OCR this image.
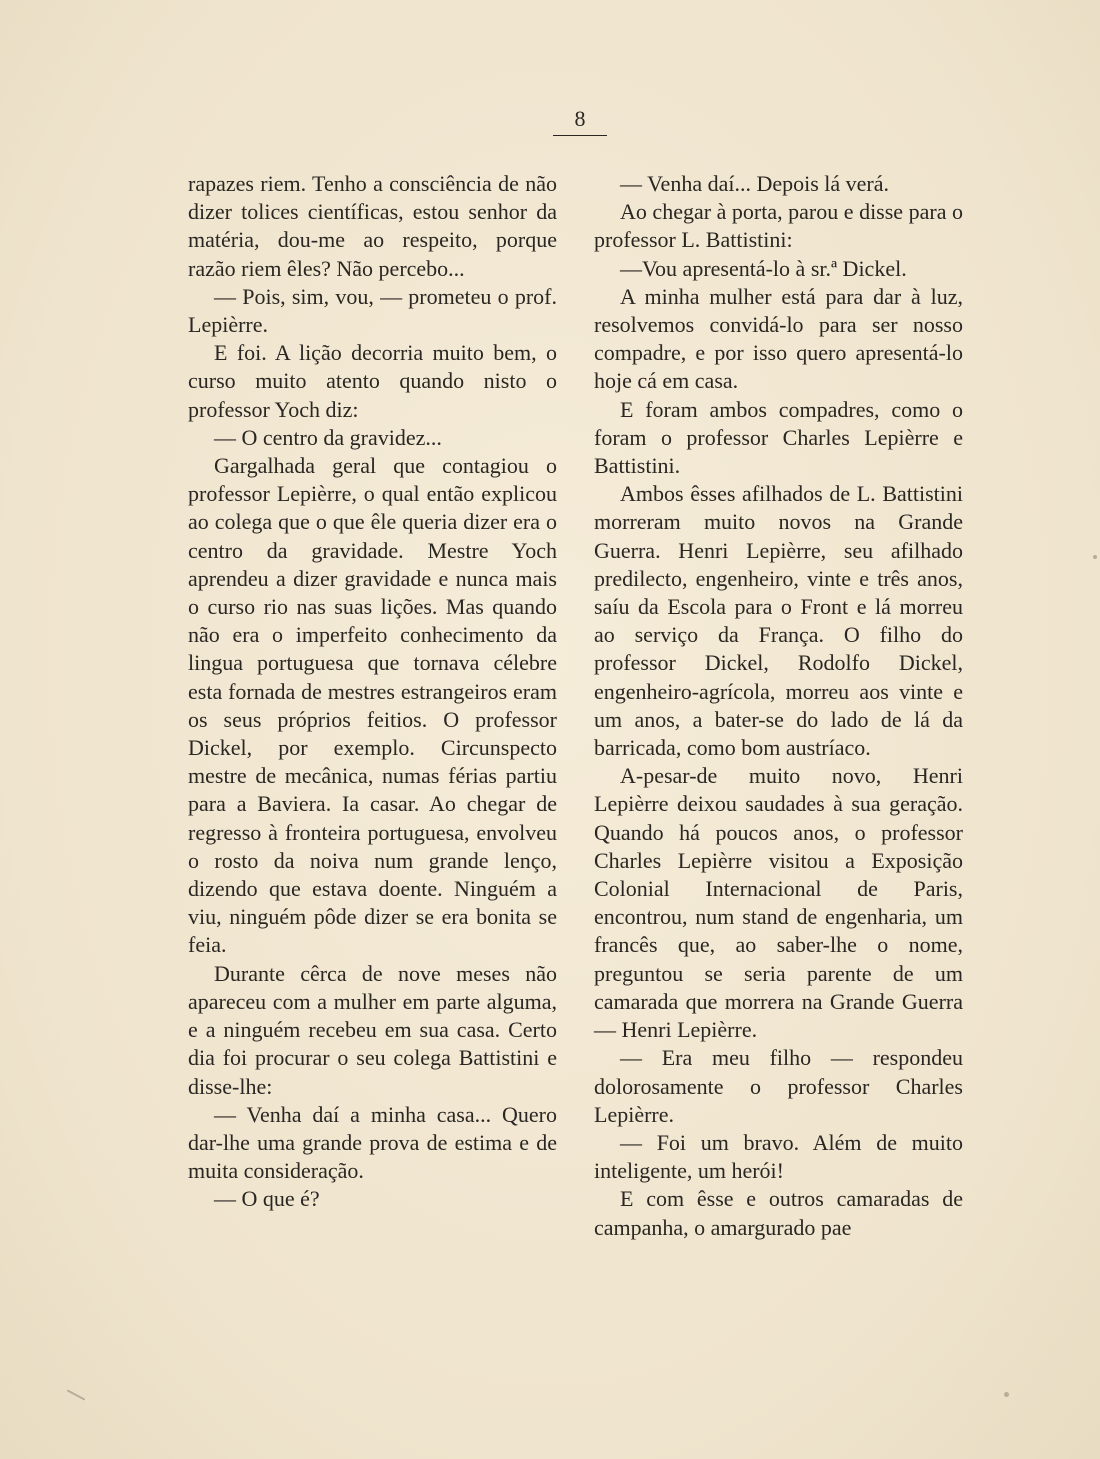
8

rapazes riem. Tenho a consciência de não dizer tolices científicas, estou senhor da matéria, dou-me ao respeito, porque razão riem êles? Não percebo...

— Pois, sim, vou, — prometeu o prof. Lepièrre.

E foi. A lição decorria muito bem, o curso muito atento quando nisto o professor Yoch diz:

— O centro da gravidez...

Gargalhada geral que contagiou o professor Lepièrre, o qual então explicou ao colega que o que êle queria dizer era o centro da gravidade. Mestre Yoch aprendeu a dizer gravidade e nunca mais o curso rio nas suas lições. Mas quando não era o imperfeito conhecimento da lingua portuguesa que tornava célebre esta fornada de mestres estrangeiros eram os seus próprios feitios. O professor Dickel, por exemplo. Circunspecto mestre de mecânica, numas férias partiu para a Baviera. Ia casar. Ao chegar de regresso à fronteira portuguesa, envolveu o rosto da noiva num grande lenço, dizendo que estava doente. Ninguém a viu, ninguém pôde dizer se era bonita se feia.

Durante cêrca de nove meses não apareceu com a mulher em parte alguma, e a ninguém recebeu em sua casa. Certo dia foi procurar o seu colega Battistini e disse-lhe:

— Venha daí a minha casa... Quero dar-lhe uma grande prova de estima e de muita consideração.

— O que é?

— Venha daí... Depois lá verá.

Ao chegar à porta, parou e disse para o professor L. Battistini:

—Vou apresentá-lo à sr.ª Dickel.

A minha mulher está para dar à luz, resolvemos convidá-lo para ser nosso compadre, e por isso quero apresentá-lo hoje cá em casa.

E foram ambos compadres, como o foram o professor Charles Lepièrre e Battistini.

Ambos êsses afilhados de L. Battistini morreram muito novos na Grande Guerra. Henri Lepièrre, seu afilhado predilecto, engenheiro, vinte e três anos, saíu da Escola para o Front e lá morreu ao serviço da França. O filho do professor Dickel, Rodolfo Dickel, engenheiro-agrícola, morreu aos vinte e um anos, a bater-se do lado de lá da barricada, como bom austríaco.

A-pesar-de muito novo, Henri Lepièrre deixou saudades à sua geração. Quando há poucos anos, o professor Charles Lepièrre visitou a Exposição Colonial Internacional de Paris, encontrou, num stand de engenharia, um francês que, ao saber-lhe o nome, preguntou se seria parente de um camarada que morrera na Grande Guerra — Henri Lepièrre.

— Era meu filho — respondeu dolorosamente o professor Charles Lepièrre.

— Foi um bravo. Além de muito inteligente, um herói!

E com êsse e outros camaradas de campanha, o amargurado pae
